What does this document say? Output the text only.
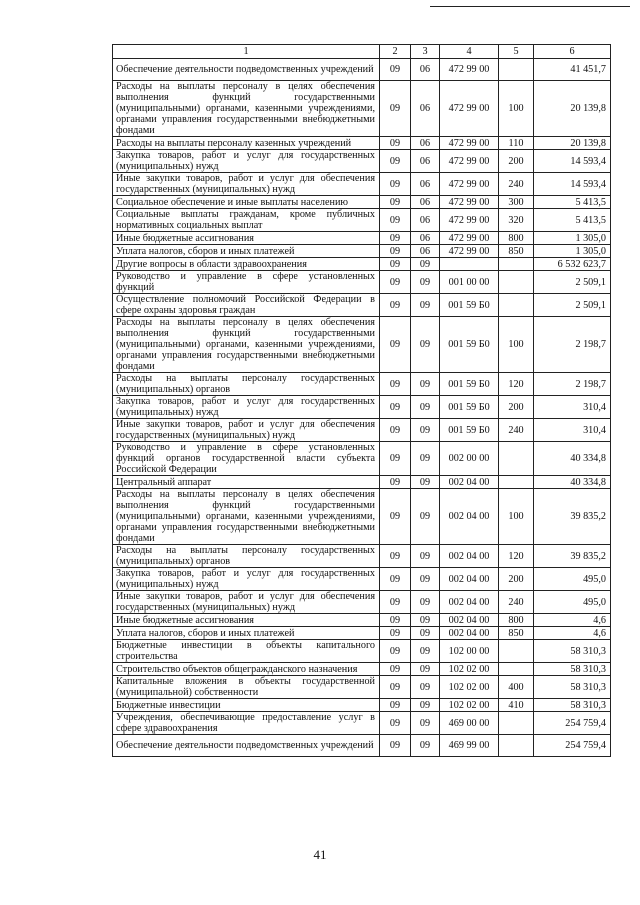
1	2	3	4	5	6
Обеспечение деятельности подведомственных учреждений	09	06	472 99 00		41 451,7
Расходы на выплаты персоналу в целях обеспечения выполнения функций государственными (муниципальными) органами, казенными учреждениями, органами управления государственными внебюджетными фондами	09	06	472 99 00	100	20 139,8
Расходы на выплаты персоналу казенных учреждений	09	06	472 99 00	110	20 139,8
Закупка товаров, работ и услуг для государственных (муниципальных) нужд	09	06	472 99 00	200	14 593,4
Иные закупки товаров, работ и услуг для обеспечения государственных (муниципальных) нужд	09	06	472 99 00	240	14 593,4
Социальное обеспечение и иные выплаты населению	09	06	472 99 00	300	5 413,5
Социальные выплаты гражданам, кроме публичных нормативных социальных выплат	09	06	472 99 00	320	5 413,5
Иные бюджетные ассигнования	09	06	472 99 00	800	1 305,0
Уплата налогов, сборов и иных платежей	09	06	472 99 00	850	1 305,0
Другие вопросы в области здравоохранения	09	09			6 532 623,7
Руководство и управление в сфере установленных функций	09	09	001 00 00		2 509,1
Осуществление полномочий Российской Федерации в сфере охраны здоровья граждан	09	09	001 59 Б0		2 509,1
Расходы на выплаты персоналу в целях обеспечения выполнения функций государственными (муниципальными) органами, казенными учреждениями, органами управления государственными внебюджетными фондами	09	09	001 59 Б0	100	2 198,7
Расходы на выплаты персоналу государственных (муниципальных) органов	09	09	001 59 Б0	120	2 198,7
Закупка товаров, работ и услуг для государственных (муниципальных) нужд	09	09	001 59 Б0	200	310,4
Иные закупки товаров, работ и услуг для обеспечения государственных (муниципальных) нужд	09	09	001 59 Б0	240	310,4
Руководство и управление в сфере установленных функций органов государственной власти субъекта Российской Федерации	09	09	002 00 00		40 334,8
Центральный аппарат	09	09	002 04 00		40 334,8
Расходы на выплаты персоналу в целях обеспечения выполнения функций государственными (муниципальными) органами, казенными учреждениями, органами управления государственными внебюджетными фондами	09	09	002 04 00	100	39 835,2
Расходы на выплаты персоналу государственных (муниципальных) органов	09	09	002 04 00	120	39 835,2
Закупка товаров, работ и услуг для государственных (муниципальных) нужд	09	09	002 04 00	200	495,0
Иные закупки товаров, работ и услуг для обеспечения государственных (муниципальных) нужд	09	09	002 04 00	240	495,0
Иные бюджетные ассигнования	09	09	002 04 00	800	4,6
Уплата налогов, сборов и иных платежей	09	09	002 04 00	850	4,6
Бюджетные инвестиции в объекты капитального строительства	09	09	102 00 00		58 310,3
Строительство объектов общегражданского назначения	09	09	102 02 00		58 310,3
Капитальные вложения в объекты государственной (муниципальной) собственности	09	09	102 02 00	400	58 310,3
Бюджетные инвестиции	09	09	102 02 00	410	58 310,3
Учреждения, обеспечивающие предоставление услуг в сфере здравоохранения	09	09	469 00 00		254 759,4
Обеспечение деятельности подведомственных учреждений	09	09	469 99 00		254 759,4
41
